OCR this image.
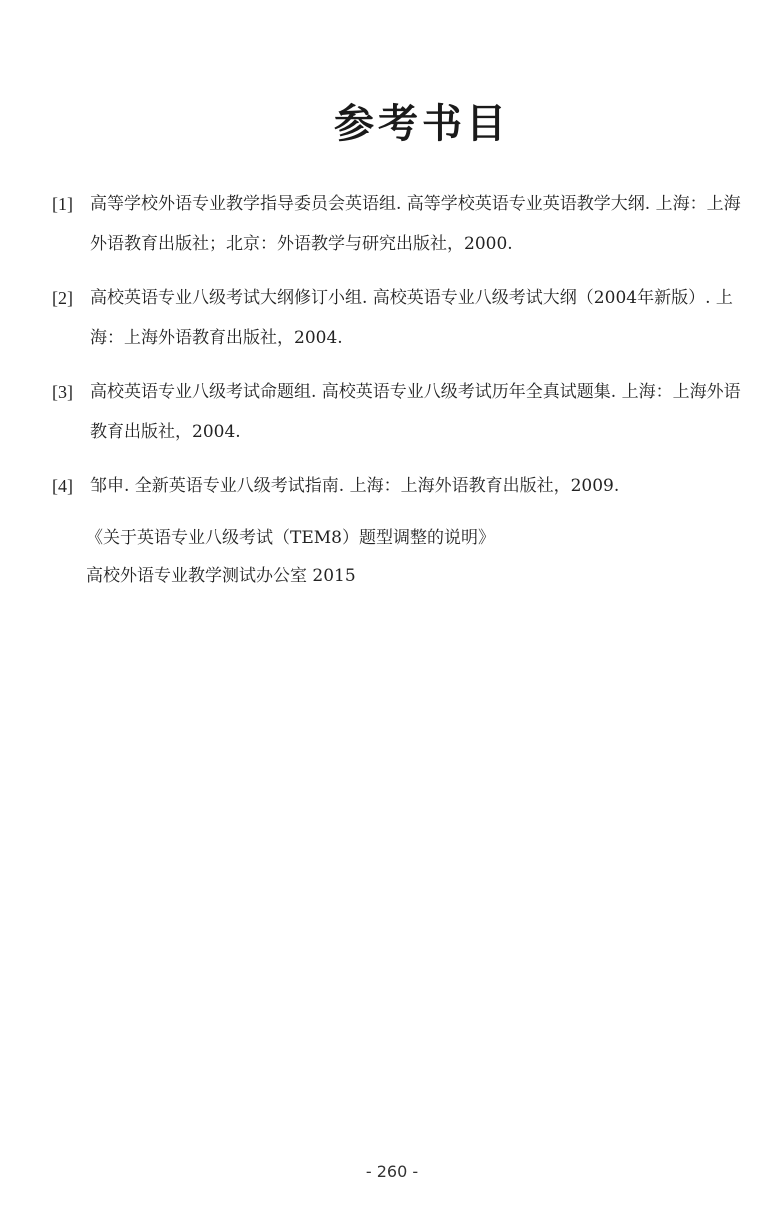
参考书目
[1] 高等学校外语专业教学指导委员会英语组. 高等学校英语专业英语教学大纲. 上海：上海外语教育出版社；北京：外语教学与研究出版社，2000.
[2] 高校英语专业八级考试大纲修订小组. 高校英语专业八级考试大纲（2004年新版）. 上海：上海外语教育出版社，2004.
[3] 高校英语专业八级考试命题组. 高校英语专业八级考试历年全真试题集. 上海：上海外语教育出版社，2004.
[4] 邹申. 全新英语专业八级考试指南. 上海：上海外语教育出版社，2009.
《关于英语专业八级考试（TEM8）题型调整的说明》
高校外语专业教学测试办公室 2015
- 260 -
